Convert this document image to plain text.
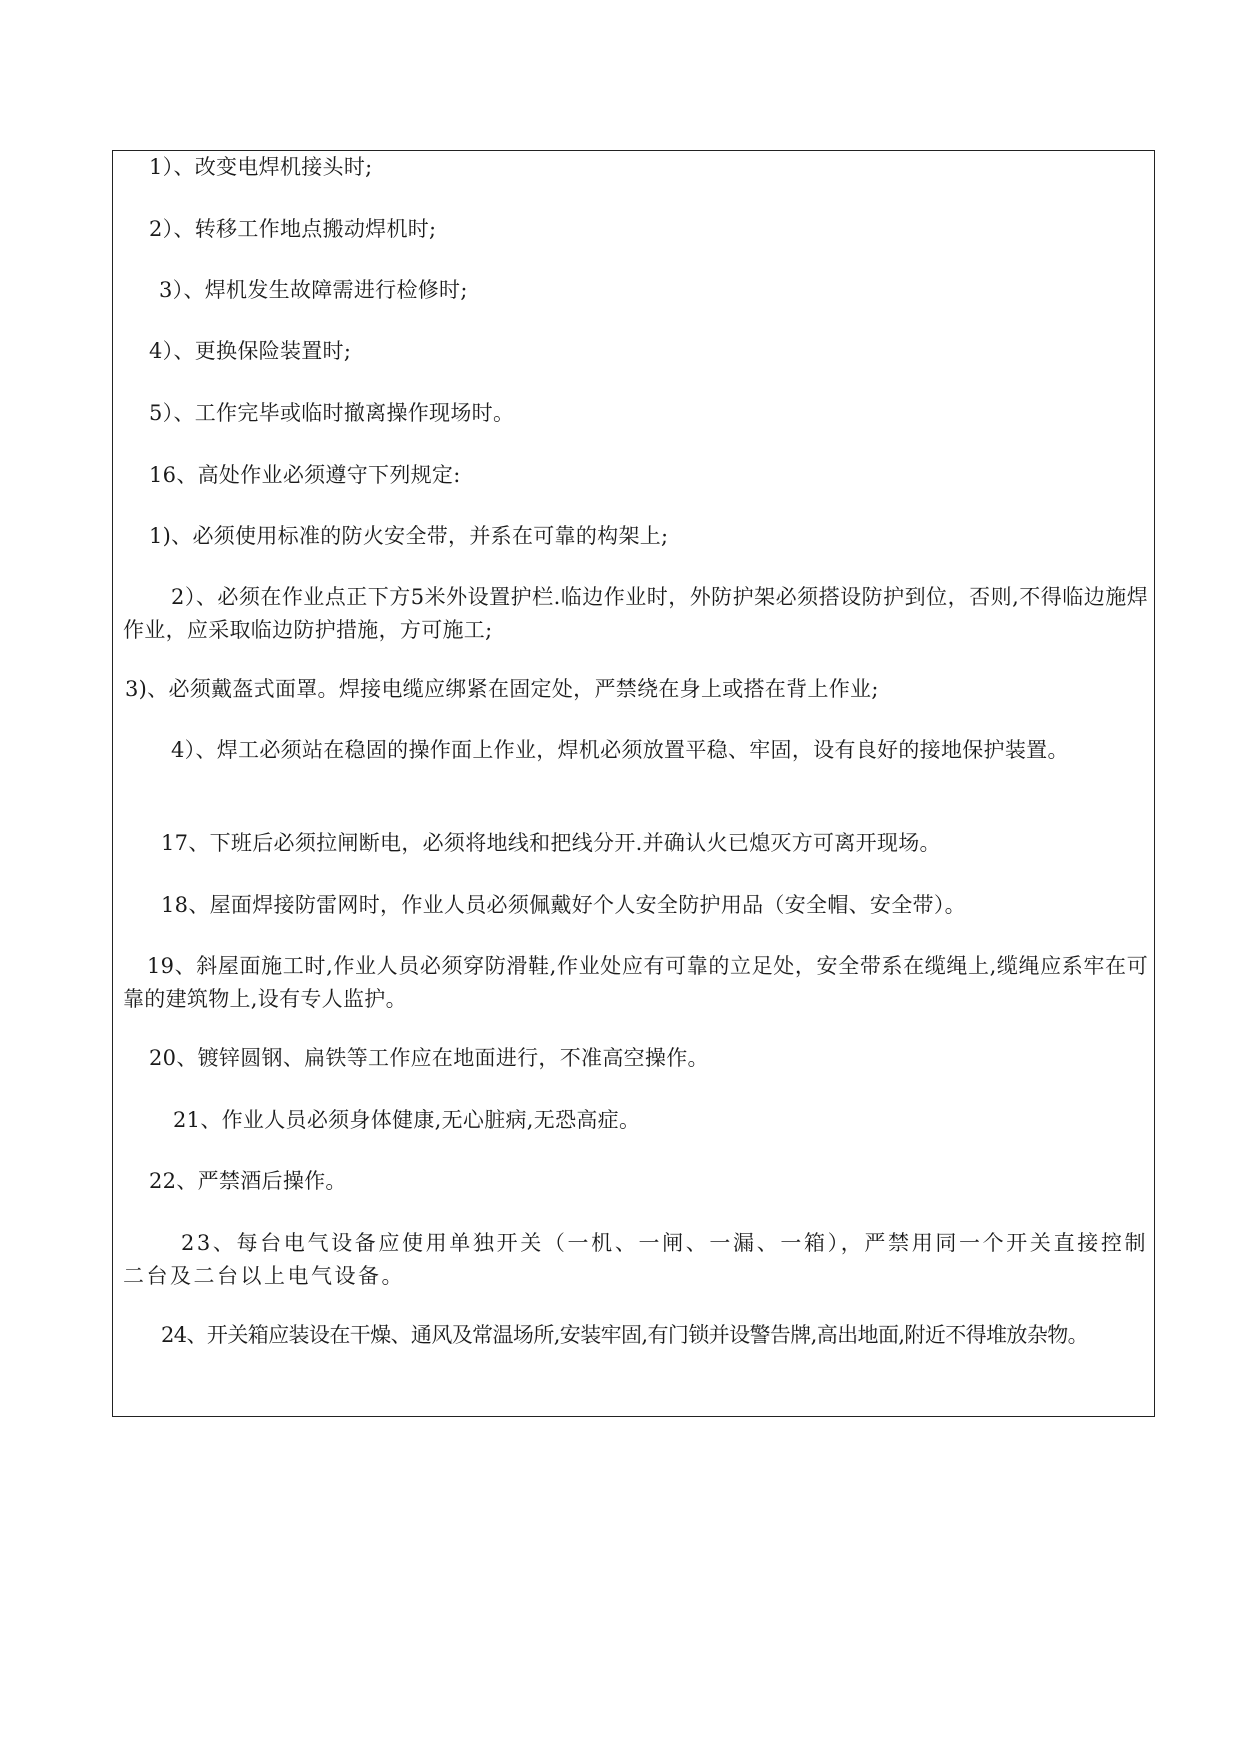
1）、改变电焊机接头时;
2）、转移工作地点搬动焊机时;
3）、焊机发生故障需进行检修时;
4）、更换保险装置时;
5）、工作完毕或临时撤离操作现场时。
16、高处作业必须遵守下列规定:
1)、必须使用标准的防火安全带，并系在可靠的构架上;
2）、必须在作业点正下方5米外设置护栏.临边作业时，外防护架必须搭设防护到位，否则,不得临边施焊作业，应采取临边防护措施，方可施工;
3)、必须戴盔式面罩。焊接电缆应绑紧在固定处，严禁绕在身上或搭在背上作业;
4）、焊工必须站在稳固的操作面上作业，焊机必须放置平稳、牢固，设有良好的接地保护装置。
17、下班后必须拉闸断电，必须将地线和把线分开.并确认火已熄灭方可离开现场。
18、屋面焊接防雷网时，作业人员必须佩戴好个人安全防护用品（安全帽、安全带）。
19、斜屋面施工时,作业人员必须穿防滑鞋,作业处应有可靠的立足处，安全带系在缆绳上,缆绳应系牢在可靠的建筑物上,设有专人监护。
20、镀锌圆钢、扁铁等工作应在地面进行，不准高空操作。
21、作业人员必须身体健康,无心脏病,无恐高症。
22、严禁酒后操作。
23、每台电气设备应使用单独开关（一机、一闸、一漏、一箱），严禁用同一个开关直接控制二台及二台以上电气设备。
24、开关箱应装设在干燥、通风及常温场所,安装牢固,有门锁并设警告牌,高出地面,附近不得堆放杂物。
